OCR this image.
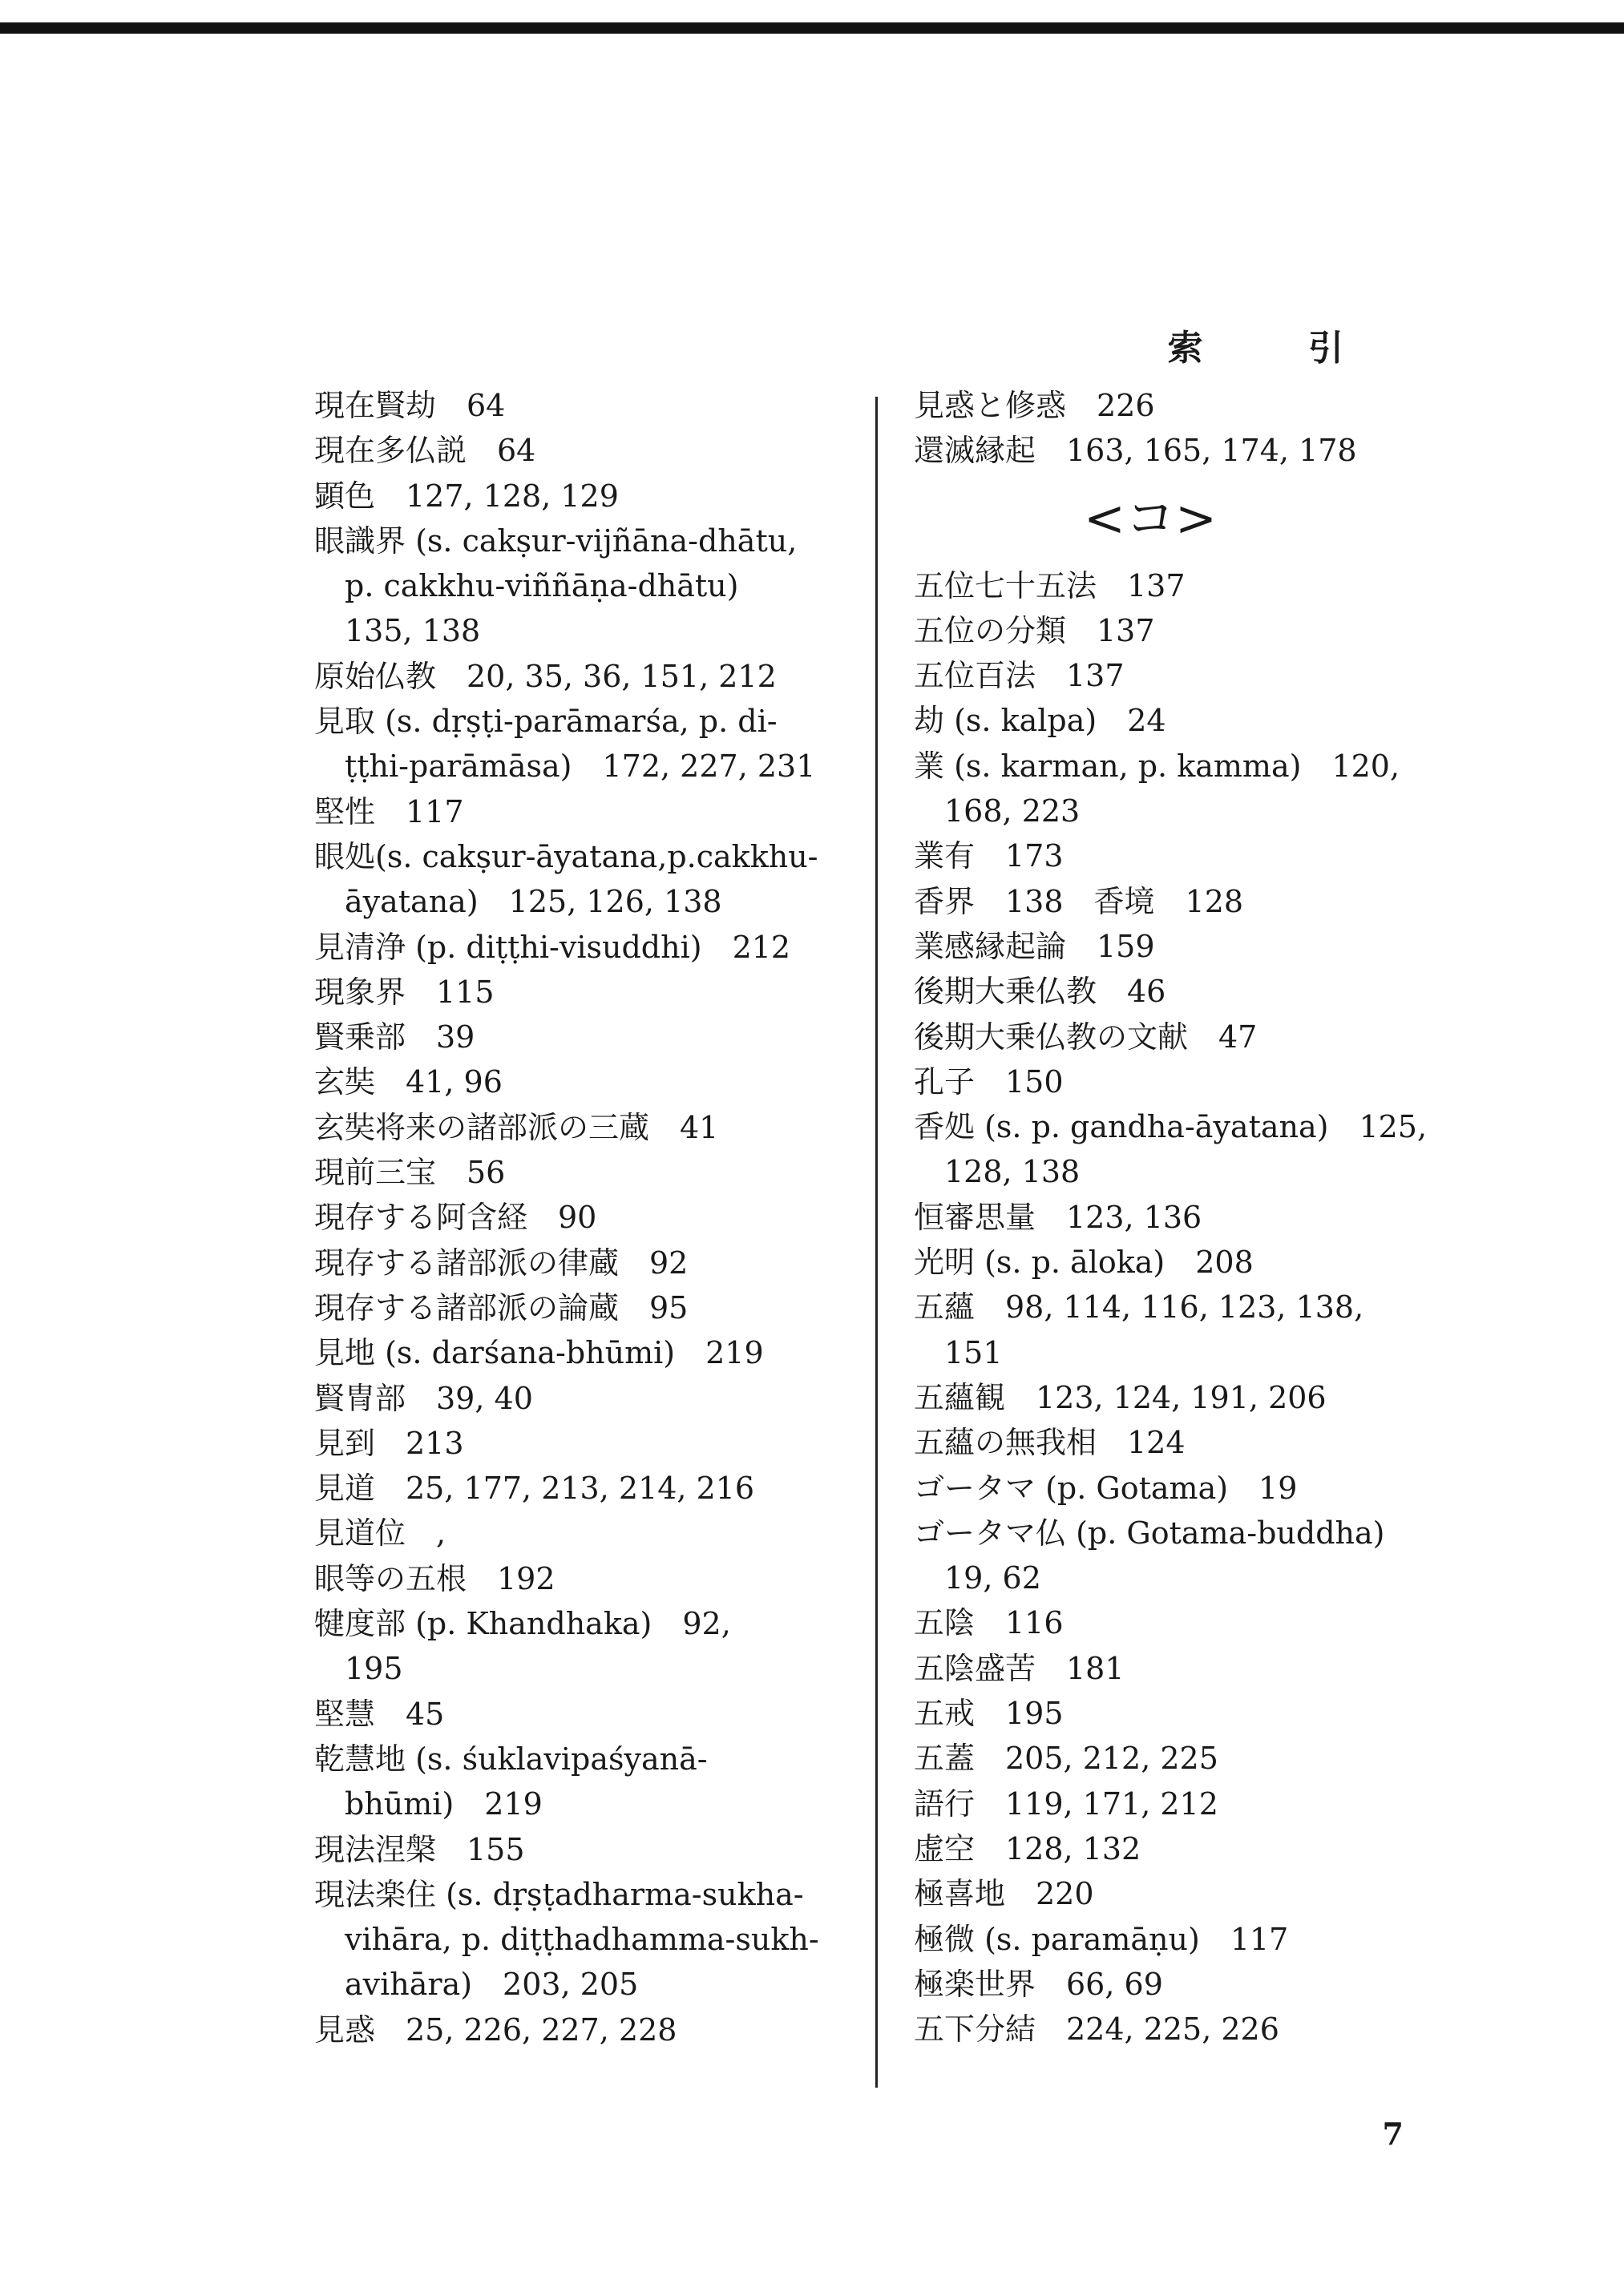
索 引
現在賢劫　64
現在多仏説　64
顕色　127, 128, 129
眼識界 (s. cakṣur-vijñāna-dhātu,
p. cakkhu-viññāṇa-dhātu)
135, 138
原始仏教　20, 35, 36, 151, 212
見取 (s. dṛṣṭi-parāmarśa, p. di-
ṭṭhi-parāmāsa)　172, 227, 231
堅性　117
眼処(s. cakṣur-āyatana,p.cakkhu-
āyatana)　125, 126, 138
見清浄 (p. diṭṭhi-visuddhi)　212
現象界　115
賢乗部　39
玄奘　41, 96
玄奘将来の諸部派の三蔵　41
現前三宝　56
現存する阿含経　90
現存する諸部派の律蔵　92
現存する諸部派の論蔵　95
見地 (s. darśana-bhūmi)　219
賢冑部　39, 40
見到　213
見道　25, 177, 213, 214, 216
見道位　,
眼等の五根　192
犍度部 (p. Khandhaka)　92,
195
堅慧　45
乾慧地 (s. śuklavipaśyanā-
bhūmi)　219
現法涅槃　155
現法楽住 (s. dṛṣṭadharma-sukha-
vihāra, p. diṭṭhadhamma-sukh-
avihāra)　203, 205
見惑　25, 226, 227, 228
見惑と修惑　226
還滅縁起　163, 165, 174, 178
<コ>
五位七十五法　137
五位の分類　137
五位百法　137
劫 (s. kalpa)　24
業 (s. karman, p. kamma)　120,
168, 223
業有　173
香界　138　香境　128
業感縁起論　159
後期大乗仏教　46
後期大乗仏教の文献　47
孔子　150
香処 (s. p. gandha-āyatana)　125,
128, 138
恒審思量　123, 136
光明 (s. p. āloka)　208
五蘊　98, 114, 116, 123, 138,
151
五蘊観　123, 124, 191, 206
五蘊の無我相　124
ゴータマ (p. Gotama)　19
ゴータマ仏 (p. Gotama-buddha)
19, 62
五陰　116
五陰盛苦　181
五戒　195
五蓋　205, 212, 225
語行　119, 171, 212
虚空　128, 132
極喜地　220
極微 (s. paramāṇu)　117
極楽世界　66, 69
五下分結　224, 225, 226
7
